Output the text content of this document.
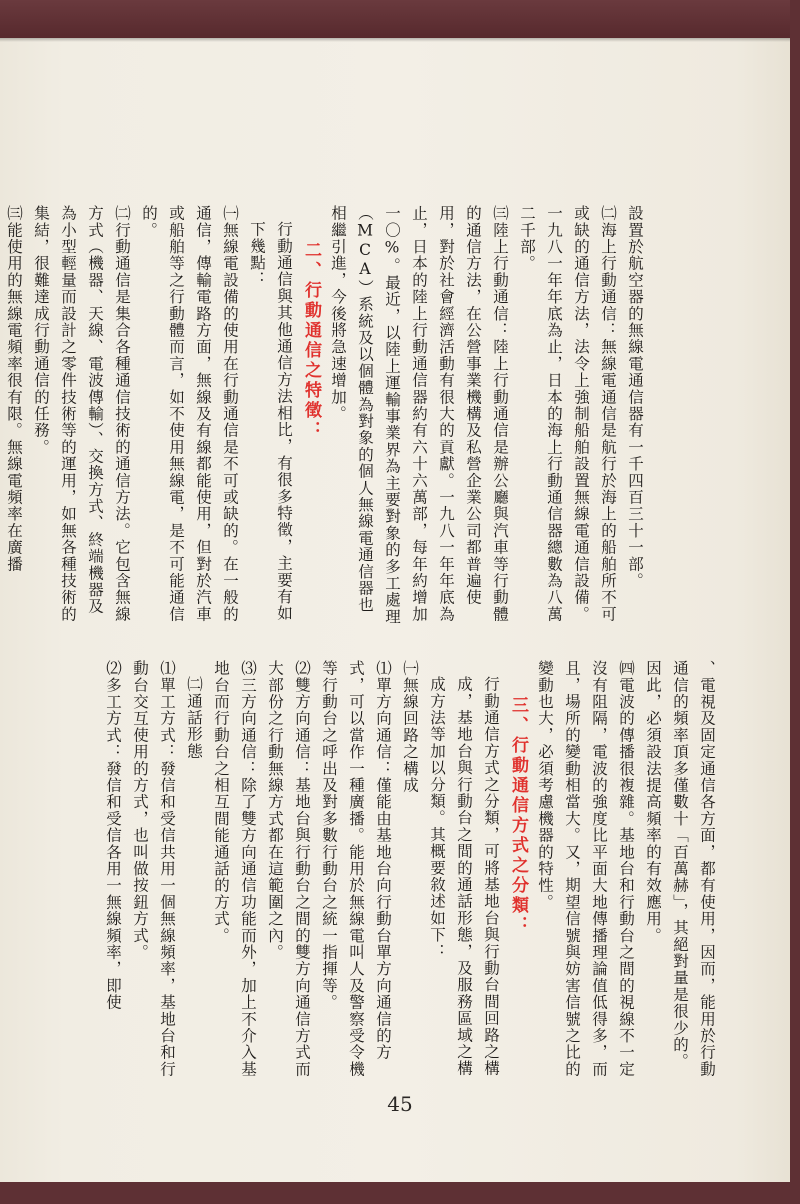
設置於航空器的無線電通信器有一千四百三十一部。

㈡海上行動通信：無線電通信是航行於海上的船舶所不可或缺的通信方法，法令上強制船舶設置無線電通信設備。一九八一年年底為止，日本的海上行動通信器總數為八萬二千部。

㈢陸上行動通信：陸上行動通信是辦公廳與汽車等行動體的通信方法，在公營事業機構及私營企業公司都普遍使用，對於社會經濟活動有很大的貢獻。一九八一年年底為止，日本的陸上行動通信器約有六十六萬部，每年約增加一〇%。最近，以陸上運輸事業界為主要對象的多工處理（MCA）系統及以個體為對象的個人無線電通信器也相繼引進，今後將急速增加。

二、行動通信之特徵：

行動通信與其他通信方法相比，有很多特徵，主要有如下幾點：

㈠無線電設備的使用在行動通信是不可或缺的。在一般的通信，傳輸電路方面，無線及有線都能使用，但對於汽車或船舶等之行動體而言，如不使用無線電，是不可能通信的。

㈡行動通信是集合各種通信技術的通信方法。它包含無線方式（機器、天線、電波傳輸）、交換方式、終端機器及為小型輕量而設計之零件技術等的運用，如無各種技術的集結，很難達成行動通信的任務。

㈢能使用的無線電頻率很有限。無線電頻率在廣播

、電視及固定通信各方面，都有使用，因而，能用於行動通信的頻率頂多僅數十「百萬赫」，其絕對量是很少的。因此，必須設法提高頻率的有效應用。

㈣電波的傳播很複雜。基地台和行動台之間的視線不一定沒有阻隔，電波的強度比平面大地傳播理論值低得多，而且，場所的變動相當大。又，期望信號與妨害信號之比的變動也大，必須考慮機器的特性。

三、行動通信方式之分類：

行動通信方式之分類，可將基地台與行動台間回路之構成，基地台與行動台之間的通話形態，及服務區域之構成方法等加以分類。其概要敘述如下：

㈠無線回路之構成

⑴單方向通信：僅能由基地台向行動台單方向通信的方式，可以當作一種廣播。能用於無線電叫人及警察受令機等行動台之呼出及對多數行動台之統一指揮等。

⑵雙方向通信：基地台與行動台之間的雙方向通信方式而大部份之行動無線方式都在這範圍之內。

⑶三方向通信：除了雙方向通信功能而外，加上不介入基地台而行動台之相互間能通話的方式。

㈡通話形態

⑴單工方式：發信和受信共用一個無線頻率，基地台和行動台交互使用的方式，也叫做按鈕方式。

⑵多工方式：發信和受信各用一無線頻率，即使

45
